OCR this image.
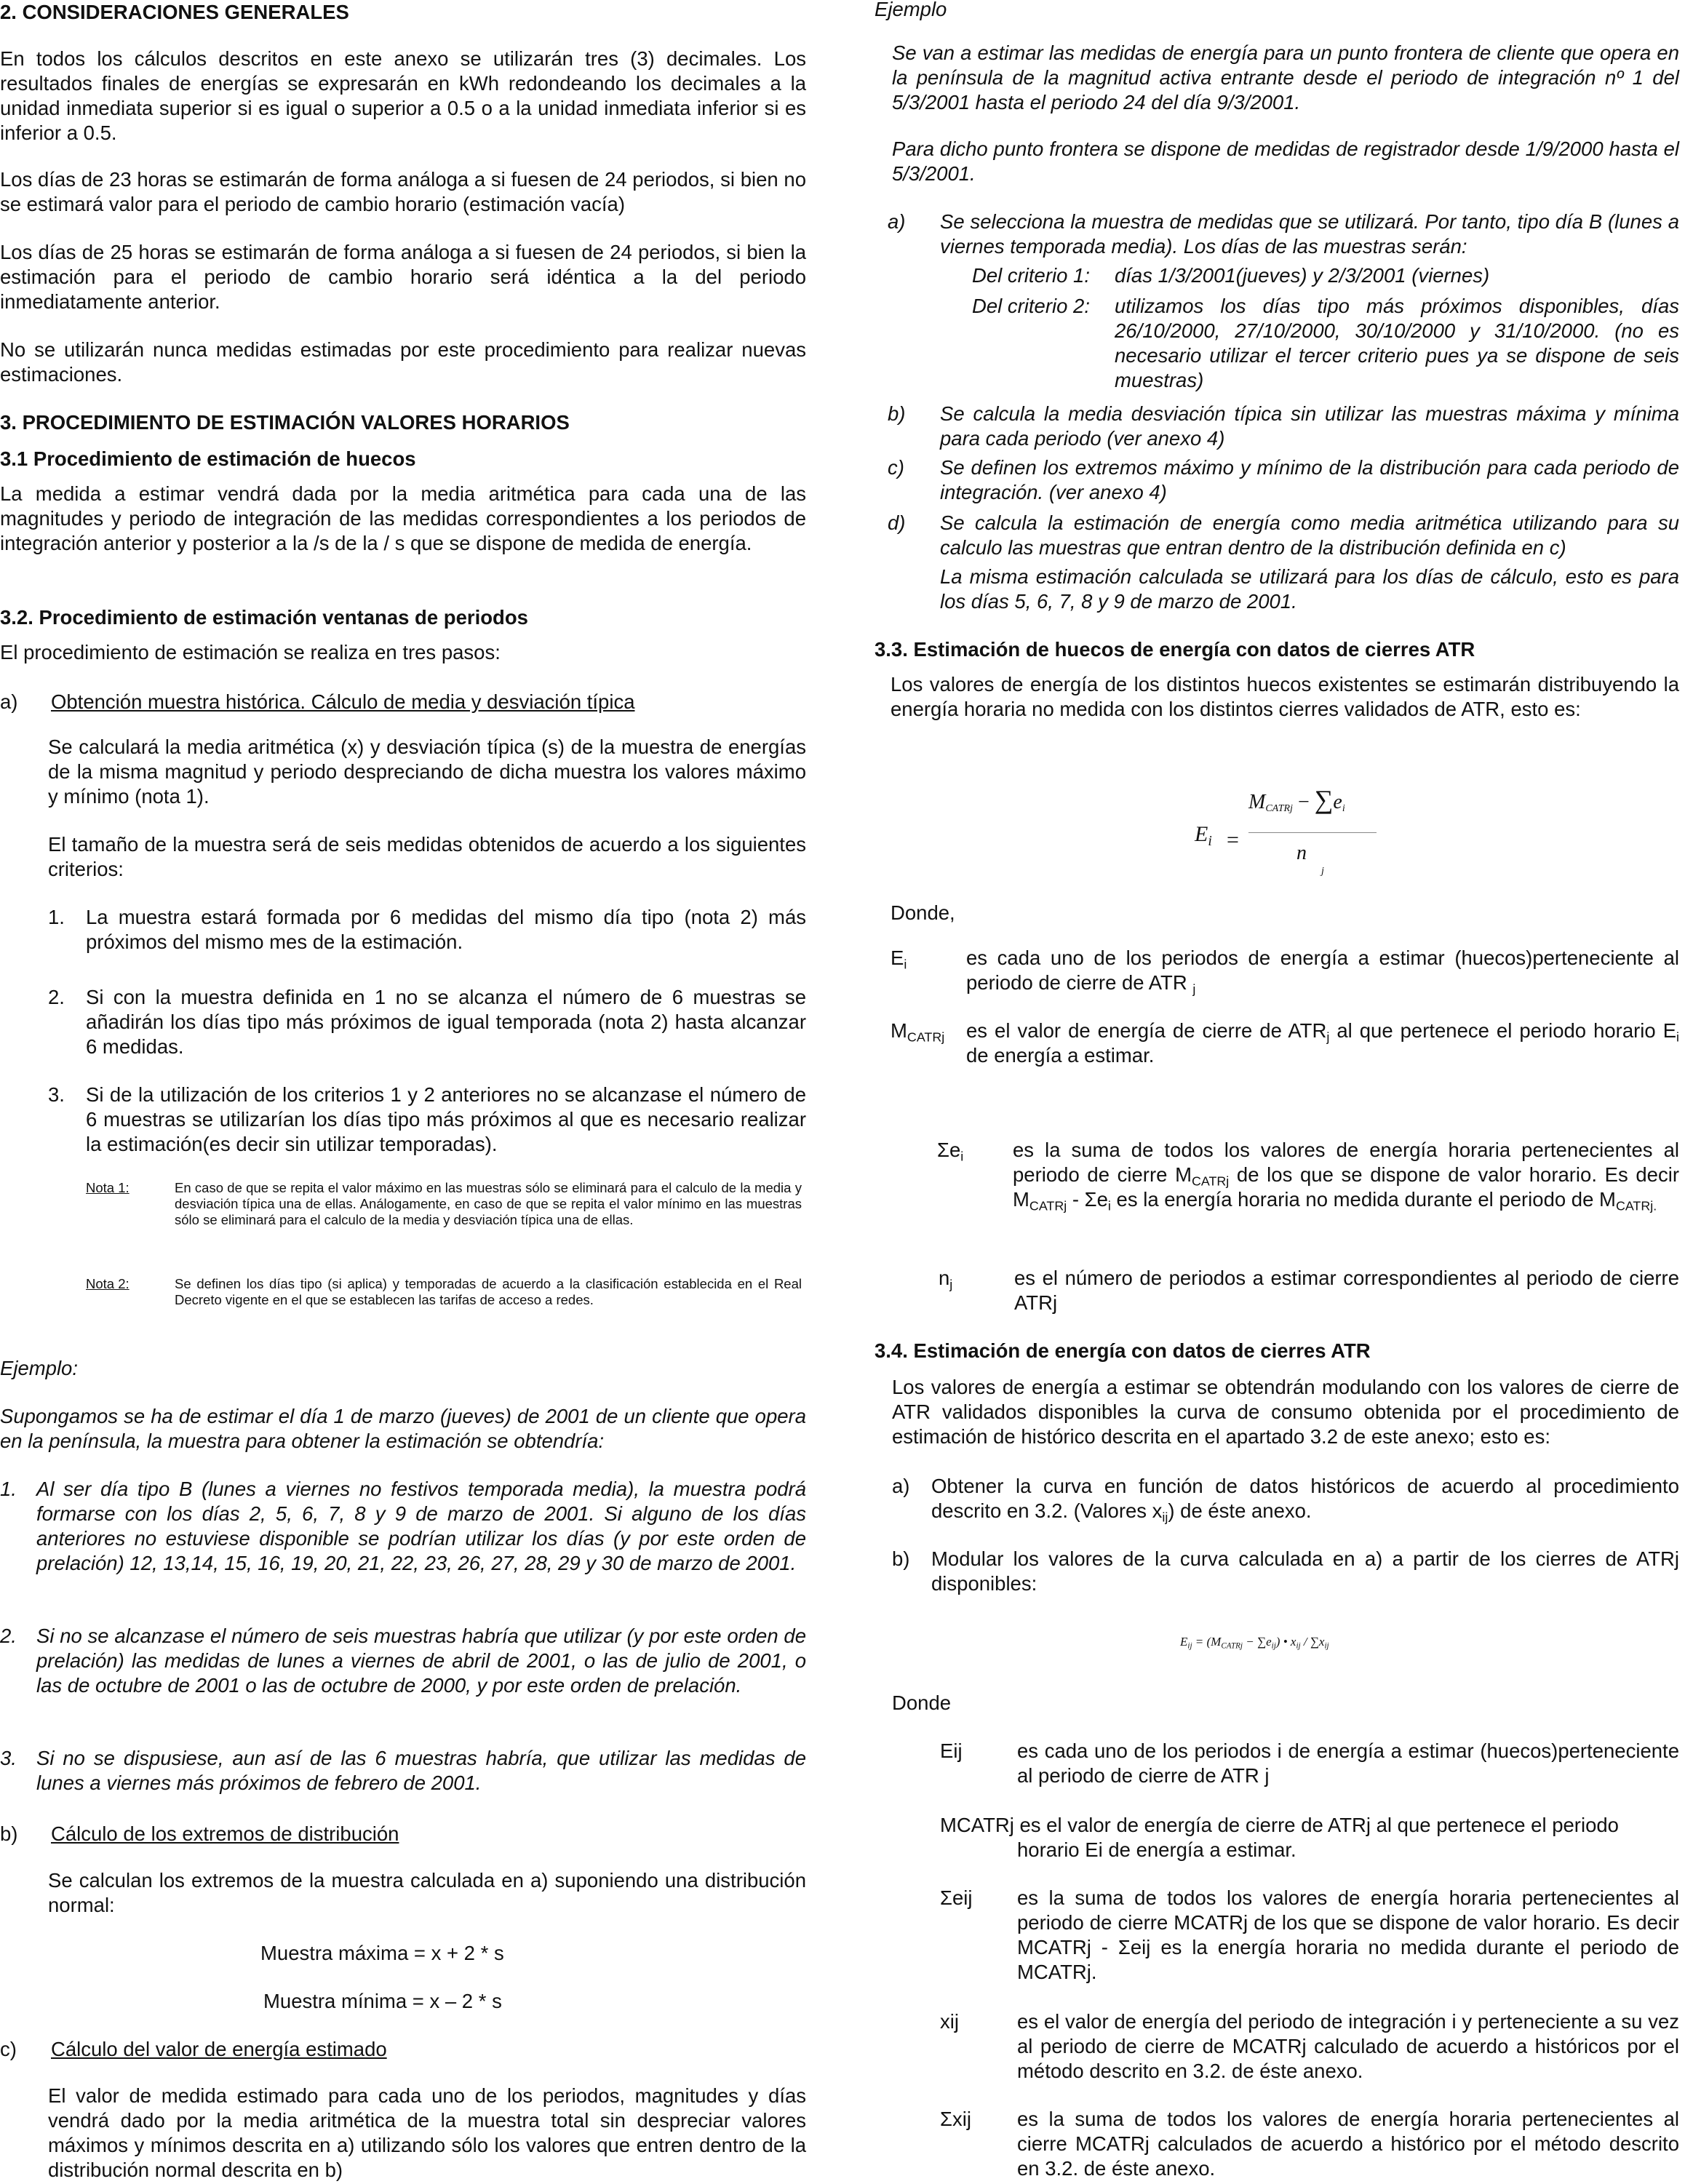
2. CONSIDERACIONES GENERALES

En todos los cálculos descritos en este anexo se utilizarán tres (3) decimales. Los resultados finales de energías se expresarán en kWh redondeando los decimales a la unidad inmediata superior si es igual o superior a 0.5 o a la unidad inmediata inferior si es inferior a 0.5.

Los días de 23 horas se estimarán de forma análoga a si fuesen de 24 periodos, si bien no se estimará valor para el periodo de cambio horario (estimación vacía)

Los días de 25 horas se estimarán de forma análoga a si fuesen de 24 periodos, si bien la estimación para el periodo de cambio horario será idéntica a la del periodo inmediatamente anterior.

No se utilizarán nunca medidas estimadas por este procedimiento para realizar nuevas estimaciones.

3. PROCEDIMIENTO DE ESTIMACIÓN VALORES HORARIOS
3.1 Procedimiento de estimación de huecos

La medida a estimar vendrá dada por la media aritmética para cada una de las magnitudes y periodo de integración de las medidas correspondientes a los periodos de integración anterior y posterior a la /s de la / s que se dispone de medida de energía.

3.2. Procedimiento de estimación ventanas de periodos

El procedimiento de estimación se realiza en tres pasos:

a) Obtención muestra histórica. Cálculo de media y desviación típica

Se calculará la media aritmética (x) y desviación típica (s) de la muestra de energías de la misma magnitud y periodo despreciando de dicha muestra los valores máximo y mínimo (nota 1).

El tamaño de la muestra será de seis medidas obtenidos de acuerdo a los siguientes criterios:

1. La muestra estará formada por 6 medidas del mismo día tipo (nota 2) más próximos del mismo mes de la estimación.

2. Si con la muestra definida en 1 no se alcanza el número de 6 muestras se añadirán los días tipo más próximos de igual temporada (nota 2) hasta alcanzar 6 medidas.

3. Si de la utilización de los criterios 1 y 2 anteriores no se alcanzase el número de 6 muestras se utilizarían los días tipo más próximos al que es necesario realizar la estimación(es decir sin utilizar temporadas).

Nota 1:	En caso de que se repita el valor máximo en las muestras sólo se eliminará para el calculo de la media y desviación típica una de ellas. Análogamente, en caso de que se repita el valor mínimo en las muestras sólo se eliminará para el calculo de la media y desviación típica una de ellas.

Nota 2:	Se definen los días tipo (si aplica) y temporadas de acuerdo a la clasificación establecida en el Real Decreto vigente en el que se establecen las tarifas de acceso a redes.

Ejemplo:

Supongamos se ha de estimar el día 1 de marzo (jueves) de 2001 de un cliente que opera en la península, la muestra para obtener la estimación se obtendría:

1. Al ser día tipo B (lunes a viernes no festivos temporada media), la muestra podrá formarse con los días 2, 5, 6, 7, 8 y 9 de marzo de 2001. Si alguno de los días anteriores no estuviese disponible se podrían utilizar los días (y por este orden de prelación) 12, 13,14, 15, 16, 19, 20, 21, 22, 23, 26, 27, 28, 29 y 30 de marzo de 2001.

2. Si no se alcanzase el número de seis muestras habría que utilizar (y por este orden de prelación) las medidas de lunes a viernes de abril de 2001, o las de julio de 2001, o las de octubre de 2001 o las de octubre de 2000, y por este orden de prelación.

3. Si no se dispusiese, aun así de las 6 muestras habría, que utilizar las medidas de lunes a viernes más próximos de febrero de 2001.

b) Cálculo de los extremos de distribución

Se calculan los extremos de la muestra calculada en a) suponiendo una distribución normal:

Muestra máxima = x + 2 * s
Muestra mínima = x – 2 * s
c) Cálculo del valor de energía estimado

El valor de medida estimado para cada uno de los periodos, magnitudes y días vendrá dado por la media aritmética de la muestra total sin despreciar valores máximos y mínimos descrita en a) utilizando sólo los valores que entren dentro de la distribución normal descrita en b)

Ejemplo

Se van a estimar las medidas de energía para un punto frontera de cliente que opera en la península de la magnitud activa entrante desde el periodo de integración nº 1 del 5/3/2001 hasta el periodo 24 del día 9/3/2001.

Para dicho punto frontera se dispone de medidas de registrador desde 1/9/2000 hasta el 5/3/2001.

a) Se selecciona la muestra de medidas que se utilizará. Por tanto, tipo día B (lunes a viernes temporada media). Los días de las muestras serán:

Del criterio 1: días 1/3/2001(jueves) y 2/3/2001 (viernes)
Del criterio 2: utilizamos los días tipo más próximos disponibles, días 26/10/2000, 27/10/2000, 30/10/2000 y 31/10/2000. (no es necesario utilizar el tercer criterio pues ya se dispone de seis muestras)

b) Se calcula la media desviación típica sin utilizar las muestras máxima y mínima para cada periodo (ver anexo 4)

c) Se definen los extremos máximo y mínimo de la distribución para cada periodo de integración. (ver anexo 4)

d) Se calcula la estimación de energía como media aritmética utilizando para su calculo las muestras que entran dentro de la distribución definida en c)

La misma estimación calculada se utilizará para los días de cálculo, esto es para los días 5, 6, 7, 8 y 9 de marzo de 2001.

3.3. Estimación de huecos de energía con datos de cierres ATR

Los valores de energía de los distintos huecos existentes se estimarán distribuyendo la energía horaria no medida con los distintos cierres validados de ATR, esto es:

$E_i$ =
$M_{CATRj} - \sum e_i$
$n_j$
Donde,
$E_i$	es cada uno de los periodos de energía a estimar (huecos)perteneciente al periodo de cierre de ATR $_j$

$M_{CATRj}$ es el valor de energía de cierre de $ATR_j$ al que pertenece el periodo horario $E_i$ de energía a estimar.

$\Sigma e_i$ es la suma de todos los valores de energía horaria pertenecientes al periodo de cierre $M_{CATRj}$ de los que se dispone de valor horario. Es decir $M_{CATRj} - \Sigma e_i$ es la energía horaria no medida durante el periodo de $M_{CATRj.}$

$n_j$	es el número de periodos a estimar correspondientes al periodo de cierre ATRj

3.4. Estimación de energía con datos de cierres ATR

Los valores de energía a estimar se obtendrán modulando con los valores de cierre de ATR validados disponibles la curva de consumo obtenida por el procedimiento de estimación de histórico descrita en el apartado 3.2 de este anexo; esto es:

a) Obtener la curva en función de datos históricos de acuerdo al procedimiento descrito en 3.2. (Valores $x_{ij}$) de éste anexo.

b) Modular los valores de la curva calculada en a) a partir de los cierres de ATRj disponibles:

$E_{ij} = (M_{CATRj} - \sum e_{ij})$ • $x_{ij} / \sum x_{ij}$
Donde
Eij	es cada uno de los periodos i de energía a estimar (huecos)perteneciente al periodo de cierre de ATR j

MCATRj es el valor de energía de cierre de ATRj al que pertenece el periodo

horario Ei de energía a estimar.

Σeij es la suma de todos los valores de energía horaria pertenecientes al periodo de cierre MCATRj de los que se dispone de valor horario. Es decir MCATRj - Σeij es la energía horaria no medida durante el periodo de MCATRj.

xij	es el valor de energía del periodo de integración i y perteneciente a su vez al periodo de cierre de MCATRj calculado de acuerdo a históricos por el método descrito en 3.2. de éste anexo.

Σxij es la suma de todos los valores de energía horaria pertenecientes al cierre MCATRj calculados de acuerdo a histórico por el método descrito en 3.2. de éste anexo.
